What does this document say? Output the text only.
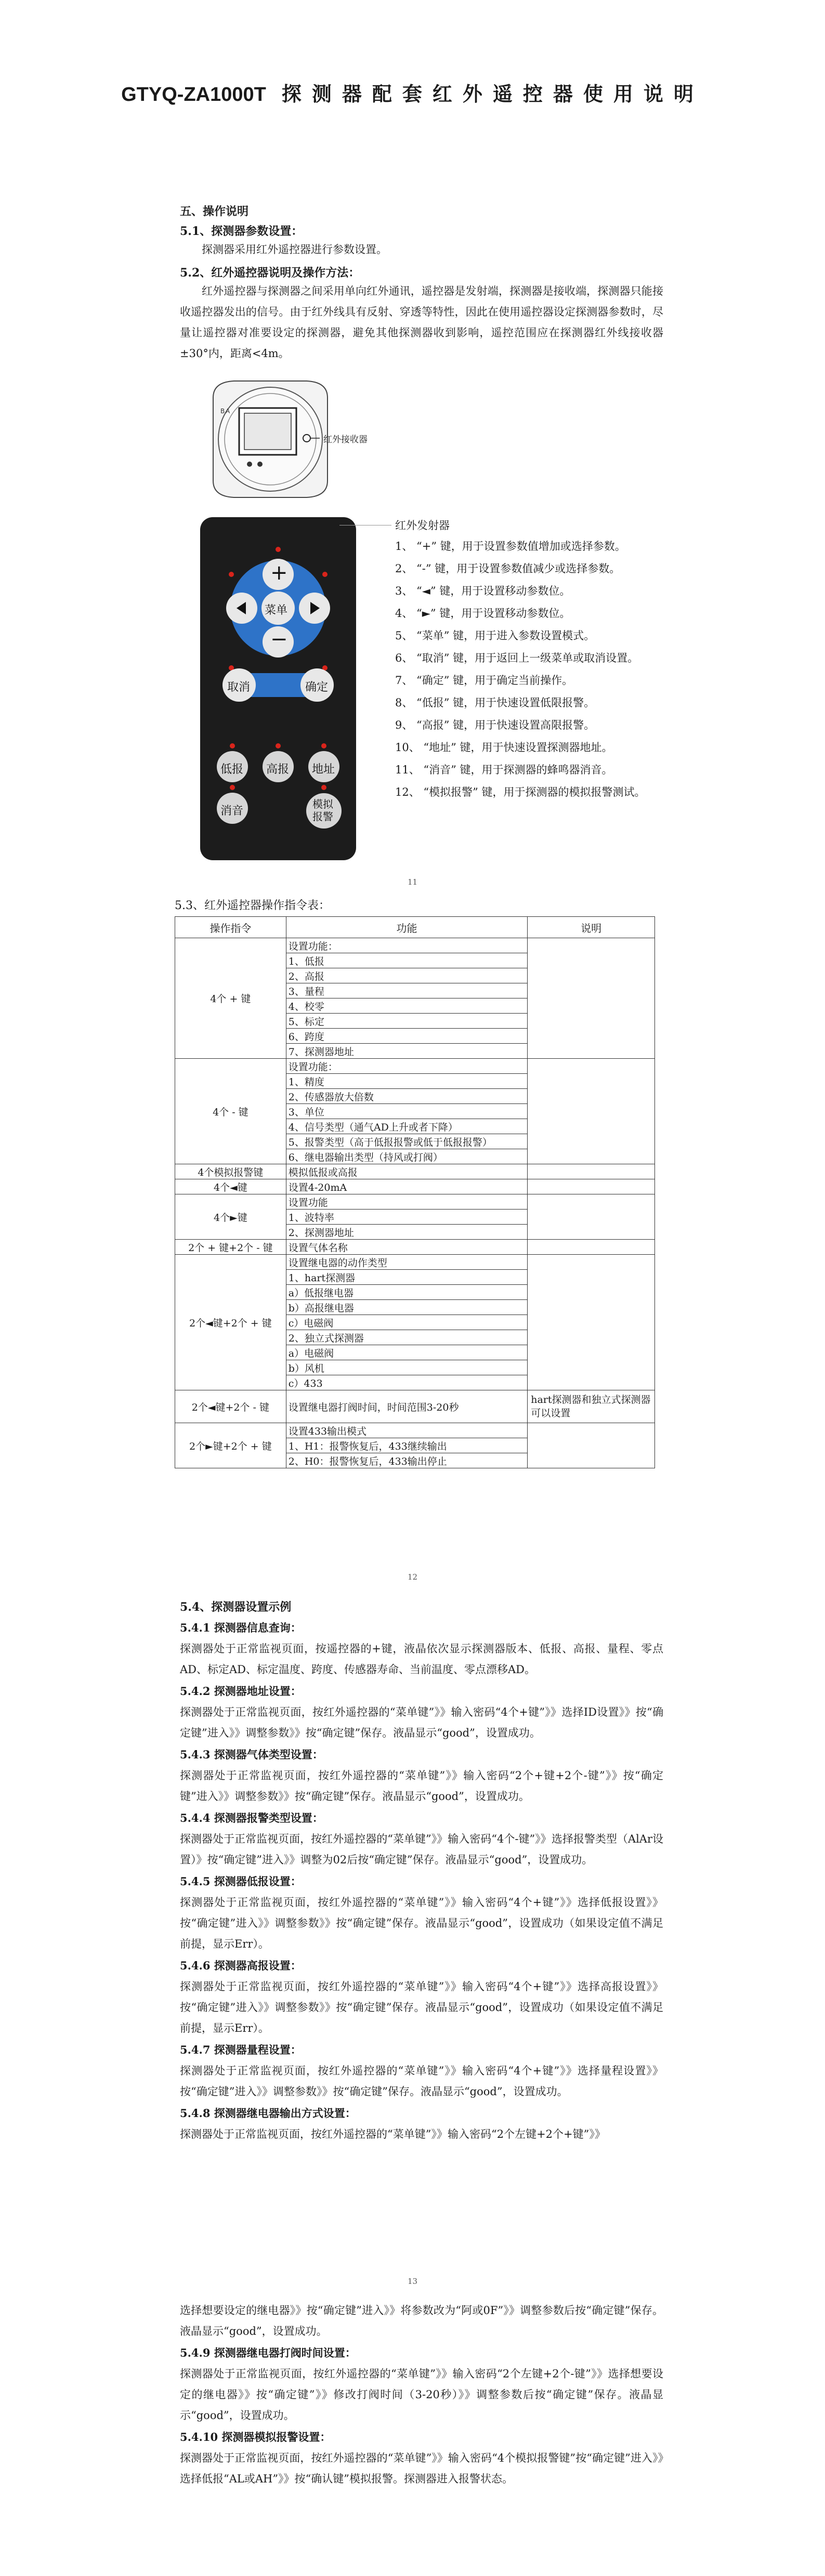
GTYQ-ZA1000T 探测器配套红外遥控器使用说明
五、操作说明
5.1、探测器参数设置：
探测器采用红外遥控器进行参数设置。
5.2、红外遥控器说明及操作方法：
红外遥控器与探测器之间采用单向红外通讯，遥控器是发射端，探测器是接收端，探测器只能接收遥控器发出的信号。由于红外线具有反射、穿透等特性，因此在使用遥控器设定探测器参数时，尽量让遥控器对准要设定的探测器，避免其他探测器收到影响，遥控范围应在探测器红外线接收器±30°内，距离<4m。
B A
红外接收器
+
−
菜单
取消	确定
低报 高报 地址
消音
模拟
报警
红外发射器
1、 “+” 键，用于设置参数值增加或选择参数。
2、 “-” 键，用于设置参数值减少或选择参数。
3、 “◄” 键，用于设置移动参数位。
4、 “►” 键，用于设置移动参数位。
5、 “菜单” 键，用于进入参数设置模式。
6、 “取消” 键，用于返回上一级菜单或取消设置。
7、 “确定” 键，用于确定当前操作。
8、 “低报” 键，用于快速设置低限报警。
9、 “高报” 键，用于快速设置高限报警。
10、 “地址” 键，用于快速设置探测器地址。
11、 “消音” 键，用于探测器的蜂鸣器消音。
12、 “模拟报警” 键，用于探测器的模拟报警测试。
11
5.3、红外遥控器操作指令表：
操作指令	功能	说明
4个 + 键	设置功能：	
	1、低报	
	2、高报	
	3、量程	
	4、校零	
	5、标定	
	6、跨度	
	7、探测器地址	
4个 - 键	设置功能：	
	1、精度	
	2、传感器放大倍数	
	3、单位	
	4、信号类型（通气AD上升或者下降）	
	5、报警类型（高于低报报警或低于低报报警）	
	6、继电器输出类型（持风或打阀）	
4个模拟报警键	模拟低报或高报	
4个◄键	设置4-20mA	
4个►键	设置功能	
	1、波特率	
	2、探测器地址	
2个 + 键+2个 - 键	设置气体名称	
2个◄键+2个 + 键	设置继电器的动作类型	
	1、hart探测器	
	a）低报继电器	
	b）高报继电器	
	c）电磁阀	
	2、独立式探测器	
	a）电磁阀	
	b）风机	
	c）433	
2个◄键+2个 - 键	设置继电器打阀时间，时间范围3-20秒	hart探测器和独立式探测器可以设置
2个►键+2个 + 键	设置433输出模式	
	1、H1：报警恢复后，433继续输出	
	2、H0：报警恢复后，433输出停止	
12
5.4、探测器设置示例
5.4.1 探测器信息查询：
探测器处于正常监视页面，按遥控器的+键，液晶依次显示探测器版本、低报、高报、量程、零点AD、标定AD、标定温度、跨度、传感器寿命、当前温度、零点漂移AD。
5.4.2 探测器地址设置：
探测器处于正常监视页面，按红外遥控器的“菜单键”》》输入密码“4个+键”》》选择ID设置》》按“确定键”进入》》调整参数》》按“确定键”保存。液晶显示“good”，设置成功。
5.4.3 探测器气体类型设置：
探测器处于正常监视页面，按红外遥控器的“菜单键”》》输入密码“2个+键+2个-键”》》按“确定键”进入》》调整参数》》按“确定键”保存。液晶显示“good”，设置成功。
5.4.4 探测器报警类型设置：
探测器处于正常监视页面，按红外遥控器的“菜单键”》》输入密码“4个-键”》》选择报警类型（AlAr设置）》按“确定键”进入》》调整为02后按“确定键”保存。液晶显示“good”，设置成功。
5.4.5 探测器低报设置：
探测器处于正常监视页面，按红外遥控器的“菜单键”》》输入密码“4个+键”》》选择低报设置》》按“确定键”进入》》调整参数》》按“确定键”保存。液晶显示“good”，设置成功（如果设定值不满足前提，显示Err）。
5.4.6 探测器高报设置：
探测器处于正常监视页面，按红外遥控器的“菜单键”》》输入密码“4个+键”》》选择高报设置》》按“确定键”进入》》调整参数》》按“确定键”保存。液晶显示“good”，设置成功（如果设定值不满足前提，显示Err）。
5.4.7 探测器量程设置：
探测器处于正常监视页面，按红外遥控器的“菜单键”》》输入密码“4个+键”》》选择量程设置》》按“确定键”进入》》调整参数》》按“确定键”保存。液晶显示“good”，设置成功。
5.4.8 探测器继电器输出方式设置：
探测器处于正常监视页面，按红外遥控器的“菜单键”》》输入密码“2个左键+2个+键”》》
13
选择想要设定的继电器》》按“确定键”进入》》将参数改为“阿或0F”》》调整参数后按“确定键”保存。液晶显示“good”，设置成功。
5.4.9 探测器继电器打阀时间设置：
探测器处于正常监视页面，按红外遥控器的“菜单键”》》输入密码“2个左键+2个-键”》》选择想要设定的继电器》》按“确定键”》》修改打阀时间（3-20秒）》》调整参数后按“确定键”保存。液晶显示“good”，设置成功。
5.4.10 探测器模拟报警设置：
探测器处于正常监视页面，按红外遥控器的“菜单键”》》输入密码“4个模拟报警键”按“确定键”进入》》选择低报“AL或AH”》》按“确认键”模拟报警。探测器进入报警状态。
